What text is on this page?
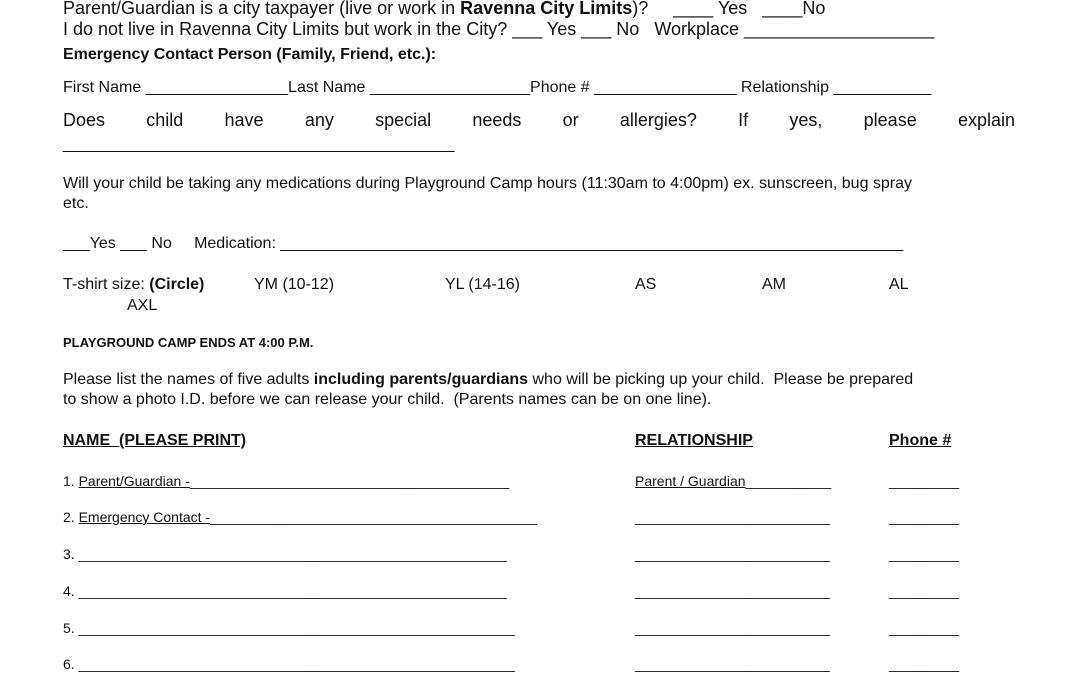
Parent/Guardian is a city taxpayer (live or work in Ravenna City Limits)?     ____ Yes   ____No
I do not live in Ravenna City Limits but work in the City? ___ Yes ___ No   Workplace ___________________
Emergency Contact Person (Family, Friend, etc.):
First Name ________________Last Name __________________Phone # ________________ Relationship ___________
Does child have any special needs or allergies? If yes, please explain
____________________________________________
Will your child be taking any medications during Playground Camp hours (11:30am to 4:00pm) ex. sunscreen, bug spray
etc.
___Yes ___ No     Medication: ______________________________________________________________________
T-shirt size: (Circle)	YM (10-12)	YL (14-16)	AS	AM	AL
AXL
PLAYGROUND CAMP ENDS AT 4:00 P.M.
Please list the names of five adults including parents/guardians who will be picking up your child.  Please be prepared
to show a photo I.D. before we can release your child.  (Parents names can be on one line).
NAME  (PLEASE PRINT)	RELATIONSHIP	Phone #
1. Parent/Guardian -_________________________________________	Parent / Guardian___________	_________
2. Emergency Contact -__________________________________________	_________________________	_________
3. _______________________________________________________	_________________________	_________
4. _______________________________________________________	_________________________	_________
5. ________________________________________________________	_________________________	_________
6. ________________________________________________________	_________________________	_________
